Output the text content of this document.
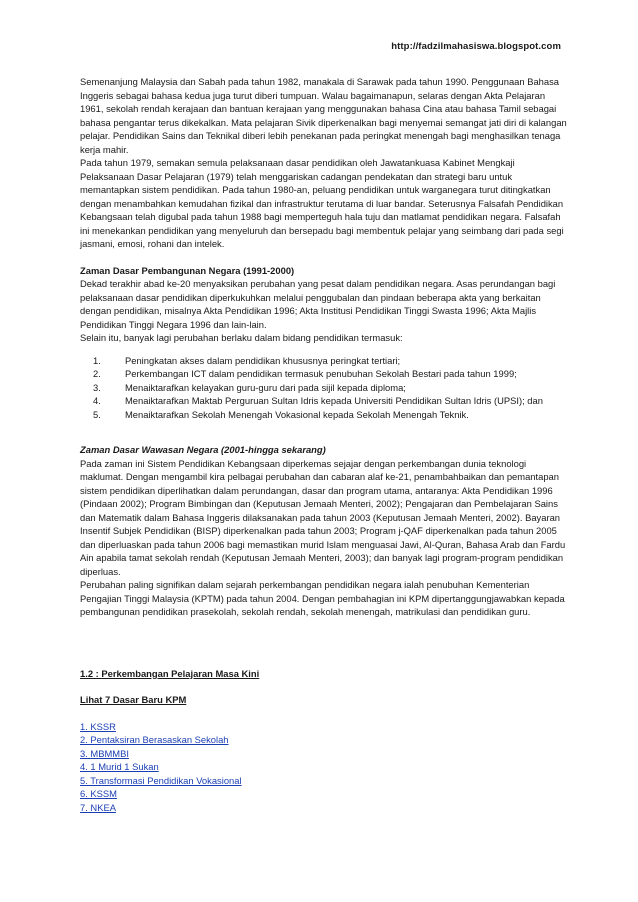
http://fadzilmahasiswa.blogspot.com

Semenanjung Malaysia dan Sabah pada tahun 1982, manakala di Sarawak pada tahun 1990. Penggunaan Bahasa Inggeris sebagai bahasa kedua juga turut diberi tumpuan. Walau bagaimanapun, selaras dengan Akta Pelajaran 1961, sekolah rendah kerajaan dan bantuan kerajaan yang menggunakan bahasa Cina atau bahasa Tamil sebagai bahasa pengantar terus dikekalkan. Mata pelajaran Sivik diperkenalkan bagi menyemai semangat jati diri di kalangan pelajar. Pendidikan Sains dan Teknikal diberi lebih penekanan pada peringkat menengah bagi menghasilkan tenaga kerja mahir.

Pada tahun 1979, semakan semula pelaksanaan dasar pendidikan oleh Jawatankuasa Kabinet Mengkaji Pelaksanaan Dasar Pelajaran (1979) telah menggariskan cadangan pendekatan dan strategi baru untuk memantapkan sistem pendidikan. Pada tahun 1980-an, peluang pendidikan untuk warganegara turut ditingkatkan dengan menambahkan kemudahan fizikal dan infrastruktur terutama di luar bandar. Seterusnya Falsafah Pendidikan Kebangsaan telah digubal pada tahun 1988 bagi memperteguh hala tuju dan matlamat pendidikan negara. Falsafah ini menekankan pendidikan yang menyeluruh dan bersepadu bagi membentuk pelajar yang seimbang dari pada segi jasmani, emosi, rohani dan intelek.

Zaman Dasar Pembangunan Negara (1991-2000)

Dekad terakhir abad ke-20 menyaksikan perubahan yang pesat dalam pendidikan negara. Asas perundangan bagi pelaksanaan dasar pendidikan diperkukuhkan melalui penggubalan dan pindaan beberapa akta yang berkaitan dengan pendidikan, misalnya Akta Pendidikan 1996; Akta Institusi Pendidikan Tinggi Swasta 1996; Akta Majlis Pendidikan Tinggi Negara 1996 dan lain-lain.

Selain itu, banyak lagi perubahan berlaku dalam bidang pendidikan termasuk:

1.	Peningkatan akses dalam pendidikan khususnya peringkat tertiari;
2.	Perkembangan ICT dalam pendidikan termasuk penubuhan Sekolah Bestari pada tahun 1999;
3.	Menaiktarafkan kelayakan guru-guru dari pada sijil kepada diploma;
4.	Menaiktarafkan Maktab Perguruan Sultan Idris kepada Universiti Pendidikan Sultan Idris (UPSI); dan
5.	Menaiktarafkan Sekolah Menengah Vokasional kepada Sekolah Menengah Teknik.

Zaman Dasar Wawasan Negara (2001-hingga sekarang)

Pada zaman ini Sistem Pendidikan Kebangsaan diperkemas sejajar dengan perkembangan dunia teknologi maklumat. Dengan mengambil kira pelbagai perubahan dan cabaran alaf ke-21, penambahbaikan dan pemantapan sistem pendidikan diperlihatkan dalam perundangan, dasar dan program utama, antaranya: Akta Pendidikan 1996 (Pindaan 2002); Program Bimbingan dan (Keputusan Jemaah Menteri, 2002); Pengajaran dan Pembelajaran Sains dan Matematik dalam Bahasa Inggeris dilaksanakan pada tahun 2003 (Keputusan Jemaah Menteri, 2002). Bayaran Insentif Subjek Pendidikan (BISP) diperkenalkan pada tahun 2003; Program j-QAF diperkenalkan pada tahun 2005 dan diperluaskan pada tahun 2006 bagi memastikan murid Islam menguasai Jawi, Al-Quran, Bahasa Arab dan Fardu Ain apabila tamat sekolah rendah (Keputusan Jemaah Menteri, 2003); dan banyak lagi program-program pendidikan diperluas.

Perubahan paling signifikan dalam sejarah perkembangan pendidikan negara ialah penubuhan Kementerian Pengajian Tinggi Malaysia (KPTM) pada tahun 2004. Dengan pembahagian ini KPM dipertanggungjawabkan kepada pembangunan pendidikan prasekolah, sekolah rendah, sekolah menengah, matrikulasi dan pendidikan guru.

1.2 : Perkembangan Pelajaran Masa Kini
Lihat 7 Dasar Baru KPM
1. KSSR
2. Pentaksiran Berasaskan Sekolah
3. MBMMBI
4. 1 Murid 1 Sukan
5. Transformasi Pendidikan Vokasional
6. KSSM
7. NKEA
